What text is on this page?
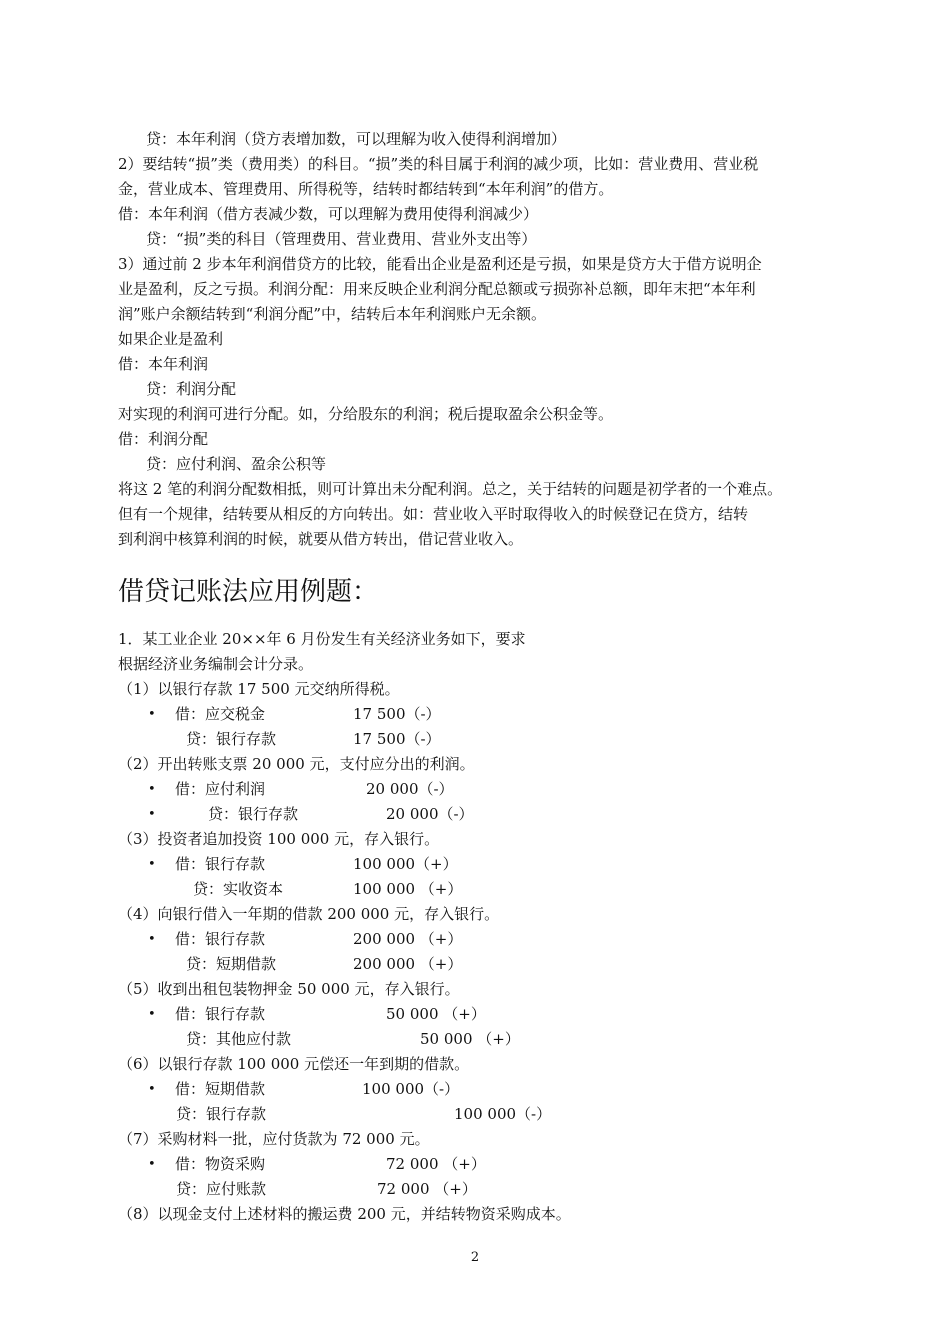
贷：本年利润（贷方表增加数，可以理解为收入使得利润增加）
2）要结转“损”类（费用类）的科目。“损”类的科目属于利润的减少项，比如：营业费用、营业税
金，营业成本、管理费用、所得税等，结转时都结转到“本年利润”的借方。
借：本年利润（借方表减少数，可以理解为费用使得利润减少）
贷：“损”类的科目（管理费用、营业费用、营业外支出等）
3）通过前 2 步本年利润借贷方的比较，能看出企业是盈利还是亏损，如果是贷方大于借方说明企
业是盈利，反之亏损。利润分配：用来反映企业利润分配总额或亏损弥补总额，即年末把“本年利
润”账户余额结转到“利润分配”中，结转后本年利润账户无余额。
如果企业是盈利
借：本年利润
贷：利润分配
对实现的利润可进行分配。如，分给股东的利润；税后提取盈余公积金等。
借：利润分配
贷：应付利润、盈余公积等
将这 2 笔的利润分配数相抵，则可计算出未分配利润。总之，关于结转的问题是初学者的一个难点。
但有一个规律，结转要从相反的方向转出。如：营业收入平时取得收入的时候登记在贷方，结转
到利润中核算利润的时候，就要从借方转出，借记营业收入。
借贷记账法应用例题：
1．某工业企业 20××年 6 月份发生有关经济业务如下，要求
根据经济业务编制会计分录。
（1）以银行存款 17 500 元交纳所得税。
• 借：应交税金	17 500（-）
贷：银行存款	17 500（-）
（2）开出转账支票 20 000 元，支付应分出的利润。
• 借：应付利润	20 000（-）
•	贷：银行存款	20 000（-）
（3）投资者追加投资 100 000 元，存入银行。
• 借：银行存款	100 000（+）
贷：实收资本	100 000 （+）
（4）向银行借入一年期的借款 200 000 元，存入银行。
• 借：银行存款	200 000 （+）
贷：短期借款	200 000 （+）
（5）收到出租包装物押金 50 000 元，存入银行。
• 借：银行存款	50 000 （+）
贷：其他应付款	50 000 （+）
（6）以银行存款 100 000 元偿还一年到期的借款。
• 借：短期借款	100 000（-）
贷：银行存款	100 000（-）
（7）采购材料一批，应付货款为 72 000 元。
• 借：物资采购	72 000 （+）
贷：应付账款	72 000 （+）
（8）以现金支付上述材料的搬运费 200 元，并结转物资采购成本。
2
